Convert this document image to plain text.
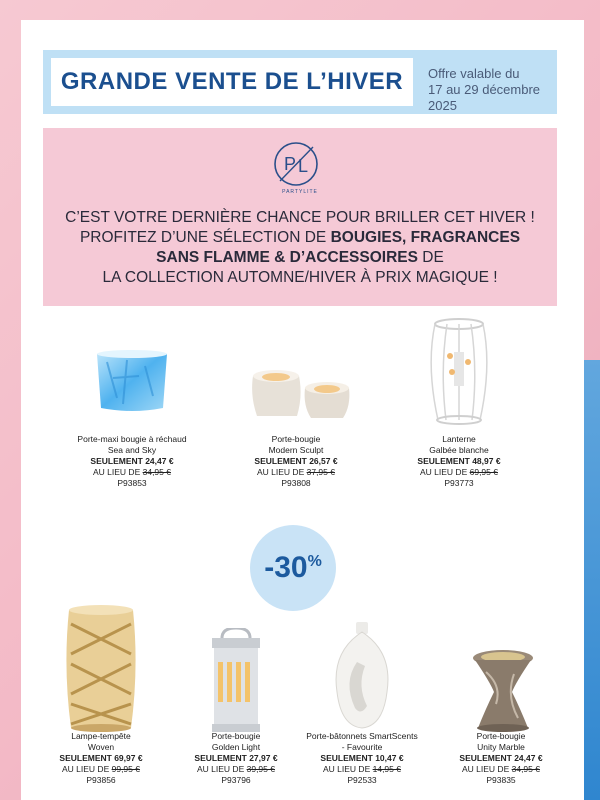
GRANDE VENTE DE L’HIVER Offre valable du
17 au 29 décembre 2025
P L
PARTYLITE
C’EST VOTRE DERNIÈRE CHANCE POUR BRILLER CET HIVER !
PROFITEZ D’UNE SÉLECTION DE BOUGIES, FRAGRANCES
SANS FLAMME & D’ACCESSOIRES DE
LA COLLECTION AUTOMNE/HIVER À PRIX MAGIQUE !
Porte-maxi bougie à réchaud
Sea and Sky
SEULEMENT 24,47 €
AU LIEU DE 34,95 €
P93853
Porte-bougie
Modern Sculpt
SEULEMENT 26,57 €
AU LIEU DE 37,95 €
P93808
Lanterne
Galbée blanche
SEULEMENT 48,97 €
AU LIEU DE 69,95 €
P93773
-30%
Lampe-tempête
Woven
SEULEMENT 69,97 €
AU LIEU DE 99,95 €
P93856
Porte-bougie
Golden Light
SEULEMENT 27,97 €
AU LIEU DE 39,95 €
P93796
Porte-bâtonnets SmartScents
- Favourite
SEULEMENT 10,47 €
AU LIEU DE 14,95 €
P92533
Porte-bougie
Unity Marble
SEULEMENT 24,47 €
AU LIEU DE 34,95 €
P93835
